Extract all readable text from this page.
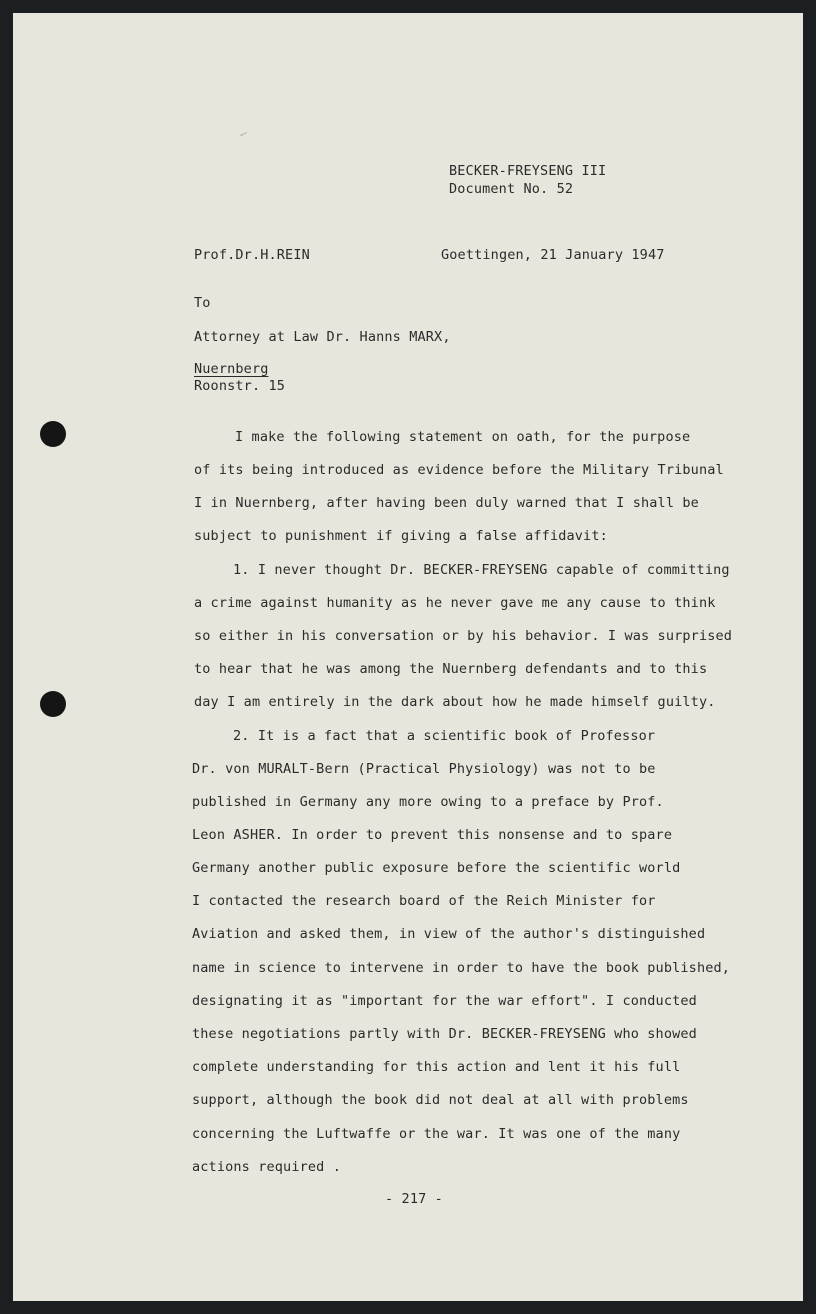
✓
BECKER-FREYSENG III
Document No. 52
Prof.Dr.H.REIN	Goettingen, 21 January 1947
To
Attorney at Law Dr. Hanns MARX,
Nuernberg
Roonstr. 15
I make the following statement on oath, for the purpose
of its being introduced as evidence before the Military Tribunal
I in Nuernberg, after having been duly warned that I shall be
subject to punishment if giving a false affidavit:
1. I never thought Dr. BECKER-FREYSENG capable of committing
a crime against humanity as he never gave me any cause to think
so either in his conversation or by his behavior. I was surprised
to hear that he was among the Nuernberg defendants and to this
day I am entirely in the dark about how he made himself guilty.
2. It is a fact that a scientific book of Professor
Dr. von MURALT-Bern (Practical Physiology) was not to be
published in Germany any more owing to a preface by Prof.
Leon ASHER. In order to prevent this nonsense and to spare
Germany another public exposure before the scientific world
I contacted the research board of the Reich Minister for
Aviation and asked them, in view of the author's distinguished
name in science to intervene in order to have the book published,
designating it as "important for the war effort". I conducted
these negotiations partly with Dr. BECKER-FREYSENG who showed
complete understanding for this action and lent it his full
support, although the book did not deal at all with problems
concerning the Luftwaffe or the war. It was one of the many
actions required .
- 217 -
